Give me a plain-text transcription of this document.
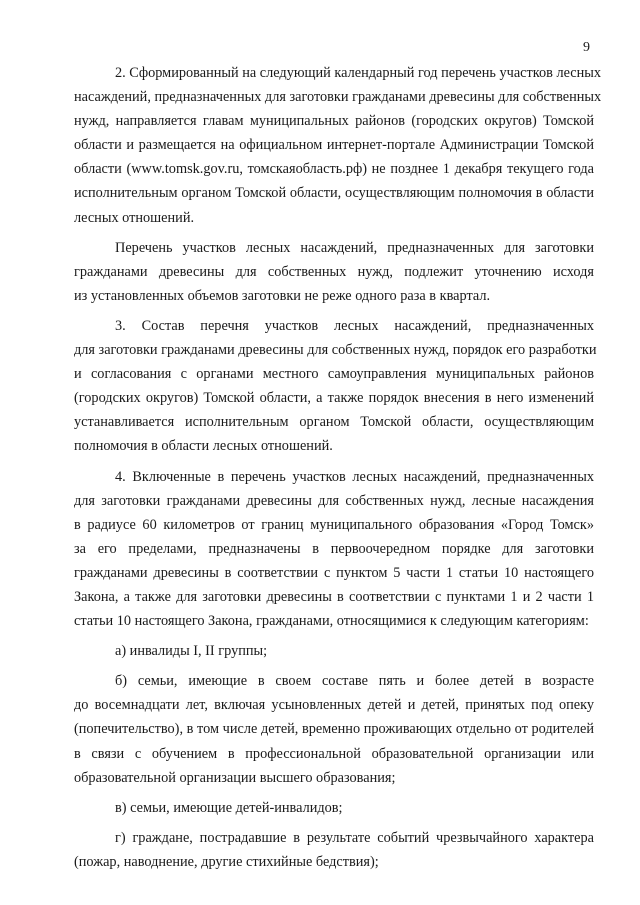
9
2. Сформированный на следующий календарный год перечень участков лесных
насаждений, предназначенных для заготовки гражданами древесины для собственных
нужд, направляется главам муниципальных районов (городских округов) Томской
области и размещается на официальном интернет-портале Администрации Томской
области (www.tomsk.gov.ru, томскаяобласть.рф) не позднее 1 декабря текущего года
исполнительным органом Томской области, осуществляющим полномочия в области
лесных отношений.
Перечень участков лесных насаждений, предназначенных для заготовки
гражданами древесины для собственных нужд, подлежит уточнению исходя
из установленных объемов заготовки не реже одного раза в квартал.
3. Состав перечня участков лесных насаждений, предназначенных
для заготовки гражданами древесины для собственных нужд, порядок его разработки
и согласования с органами местного самоуправления муниципальных районов
(городских округов) Томской области, а также порядок внесения в него изменений
устанавливается исполнительным органом Томской области, осуществляющим
полномочия в области лесных отношений.
4. Включенные в перечень участков лесных насаждений, предназначенных
для заготовки гражданами древесины для собственных нужд, лесные насаждения
в радиусе 60 километров от границ муниципального образования «Город Томск»
за его пределами, предназначены в первоочередном порядке для заготовки
гражданами древесины в соответствии с пунктом 5 части 1 статьи 10 настоящего
Закона, а также для заготовки древесины в соответствии с пунктами 1 и 2 части 1
статьи 10 настоящего Закона, гражданами, относящимися к следующим категориям:
а) инвалиды I, II группы;
б) семьи, имеющие в своем составе пять и более детей в возрасте
до восемнадцати лет, включая усыновленных детей и детей, принятых под опеку
(попечительство), в том числе детей, временно проживающих отдельно от родителей
в связи с обучением в профессиональной образовательной организации или
образовательной организации высшего образования;
в) семьи, имеющие детей-инвалидов;
г) граждане, пострадавшие в результате событий чрезвычайного характера
(пожар, наводнение, другие стихийные бедствия);
